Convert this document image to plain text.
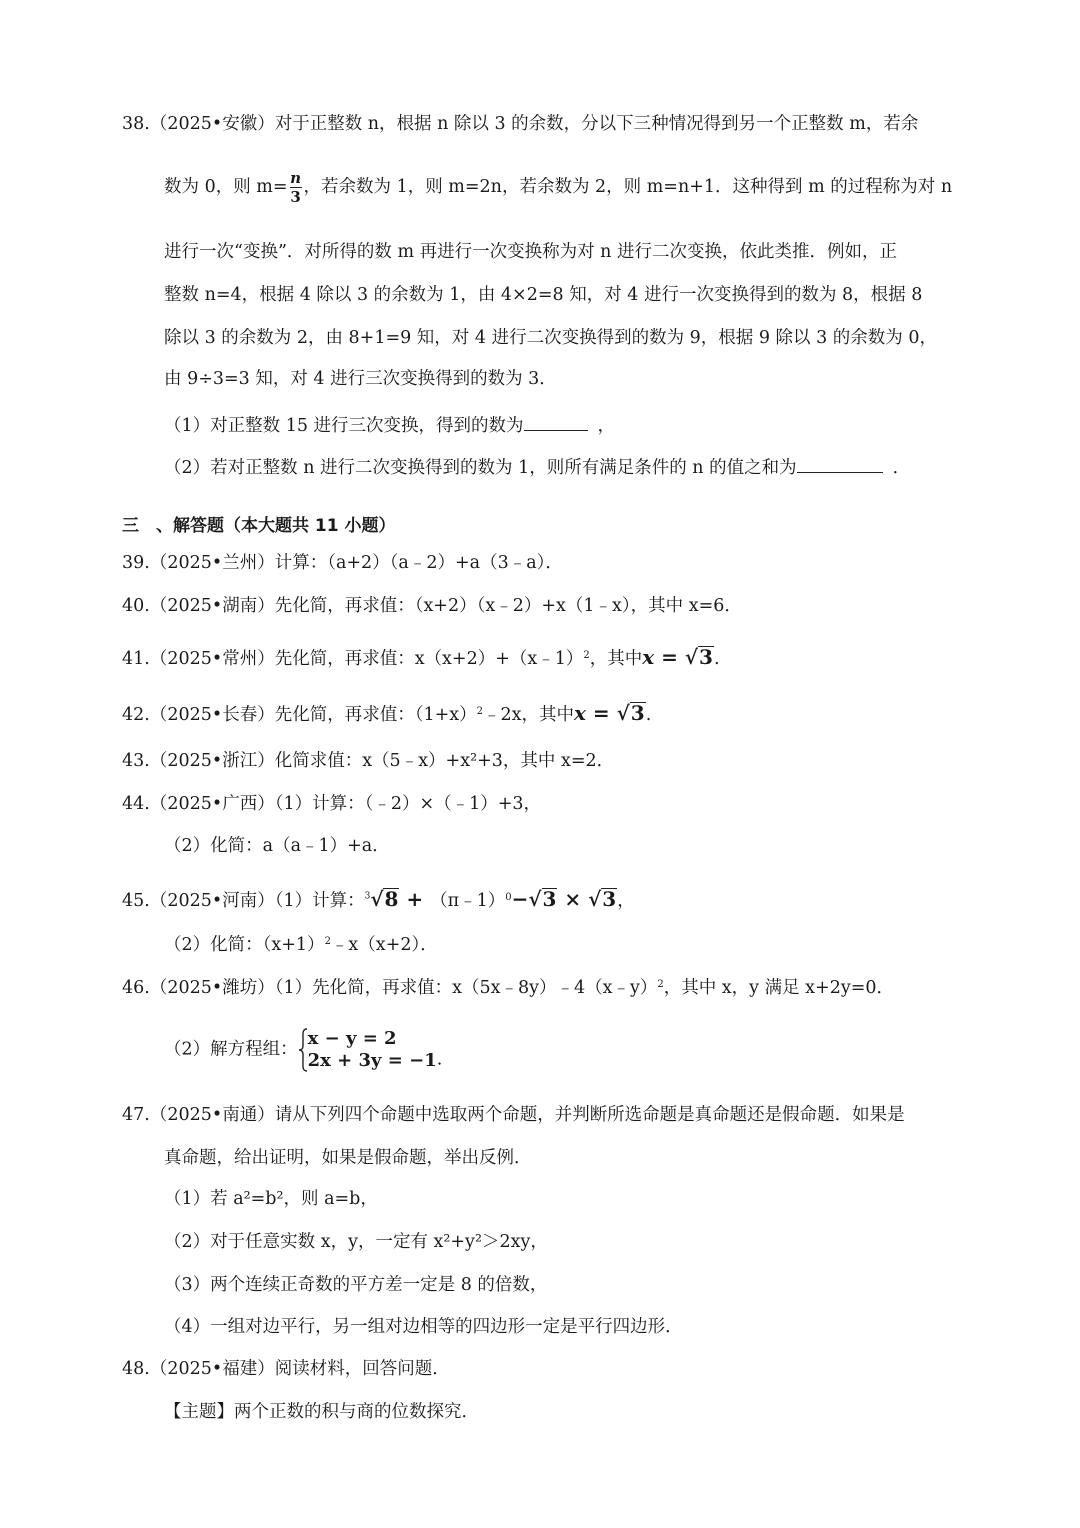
38.（2025•安徽）对于正整数 n，根据 n 除以 3 的余数，分以下三种情况得到另一个正整数 m，若余
数为 0，则 $m= \frac{n}{3}$ ，若余数为 1，则 m=2n，若余数为 2，则 m=n+1．这种得到 m 的过程称为对 n
进行一次“变换”．对所得的数 m 再进行一次变换称为对 n 进行二次变换，依此类推．例如，正
整数 n=4，根据 4 除以 3 的余数为 1，由 4×2=8 知，对 4 进行一次变换得到的数为 8，根据 8
除以 3 的余数为 2，由 8+1=9 知，对 4 进行二次变换得到的数为 9，根据 9 除以 3 的余数为 0，
由 9÷3=3 知，对 4 进行三次变换得到的数为 3．
（1）对正整数 15 进行三次变换，得到的数为	，
（2）若对正整数 n 进行二次变换得到的数为 1，则所有满足条件的 n 的值之和为	．
三　、解答题（本大题共 11 小题）
39.（2025•兰州）计算：（a+2）（a﹣2）+a（3﹣a）．
40.（2025•湖南）先化简，再求值：（x+2）（x﹣2）+x（1﹣x），其中 x=6．
41.（2025•常州）先化简，再求值：x（x+2）+（x﹣1）$^2$，其中x = √3.
42.（2025•长春）先化简，再求值：$(1+x)^2﹣2x$，其中x = √3.
43.（2025•浙江）化简求值：x（5﹣x）+x²+3，其中 x=2．
44.（2025•广西）（1）计算：（﹣2）×（﹣1）+3，
（2）化简：a（a﹣1）+a．
45.（2025•河南）（1）计算：$^3$√8 + （π﹣1）$^0$−√3 × √3，
（2）化简：$(x+1)^2﹣x(x+2)$．
46.（2025•潍坊）（1）先化简，再求值：x（5x﹣8y）﹣4（x﹣y）$^2$，其中 x，y 满足 x+2y=0．
（2）解方程组：
x − y = 2
2x + 3y = −1 .
47.（2025•南通）请从下列四个命题中选取两个命题，并判断所选命题是真命题还是假命题．如果是
真命题，给出证明，如果是假命题，举出反例．
（1）若 a²=b²，则 a=b，
（2）对于任意实数 x，y，一定有 x²+y²＞2xy，
（3）两个连续正奇数的平方差一定是 8 的倍数，
（4）一组对边平行，另一组对边相等的四边形一定是平行四边形．
48.（2025•福建）阅读材料，回答问题．
【主题】两个正数的积与商的位数探究．
